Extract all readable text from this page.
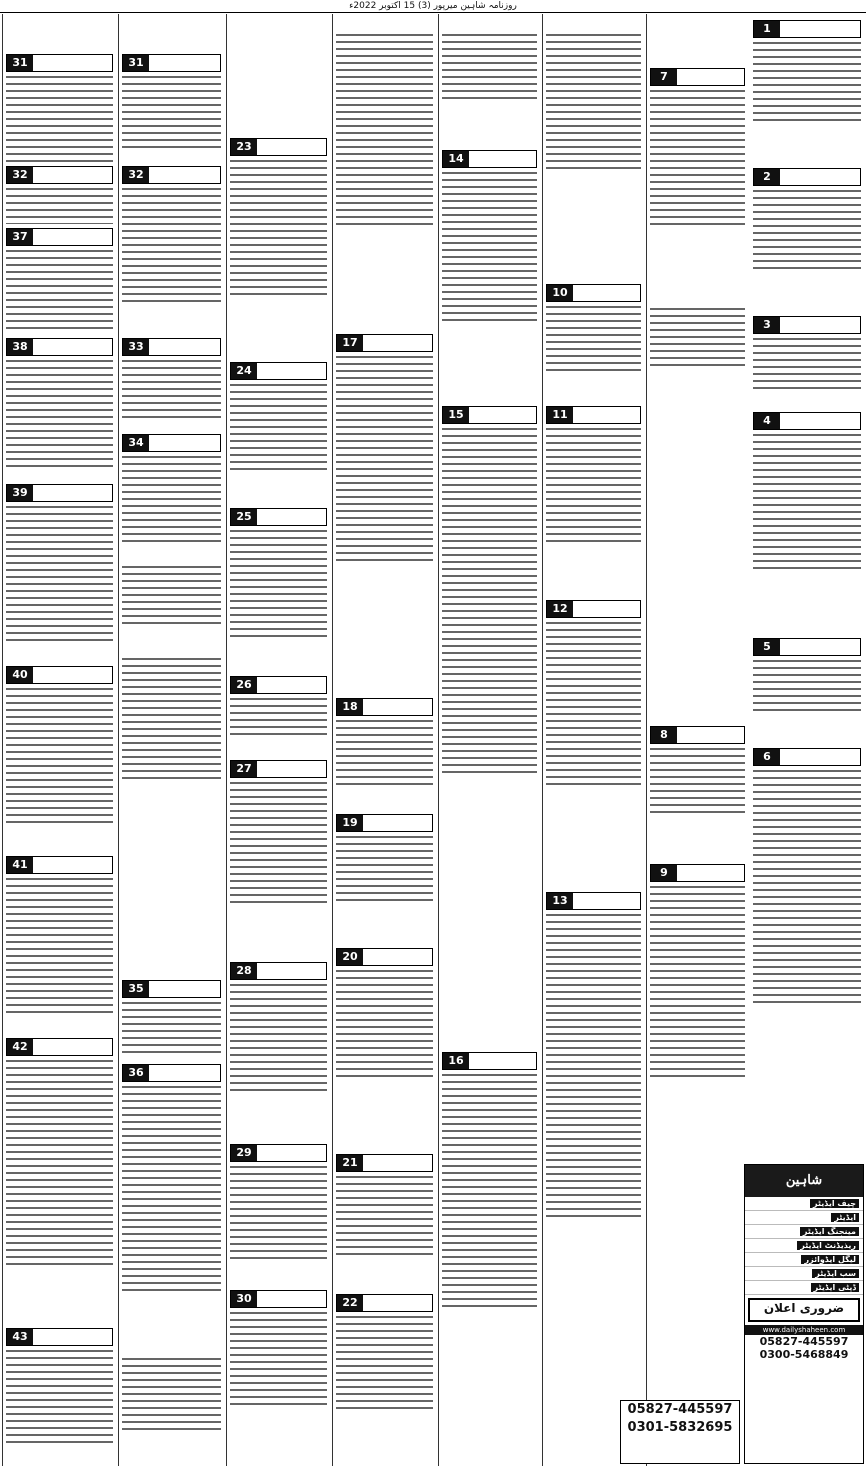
روزنامہ شاہین میرپور (3) 15 اکتوبر 2022ء
31
32
37
38
39
40
41
42
43
31
32
33
34
35
36
23
24
25
26
27
28
29
30
17
18
19
20
21
22
14
15
16
10
11
12
13
7
8
9
1
2
3
4
5
6
شاہین
چیف ایڈیٹر
ایڈیٹر
مینجنگ ایڈیٹر
ریذیڈنٹ ایڈیٹر
لیگل ایڈوائزر
سب ایڈیٹر
ڈپٹی ایڈیٹر
ضروری اعلان
www.dailyshaheen.com
05827-445597
0300-5468849
05827-445597
0301-5832695
